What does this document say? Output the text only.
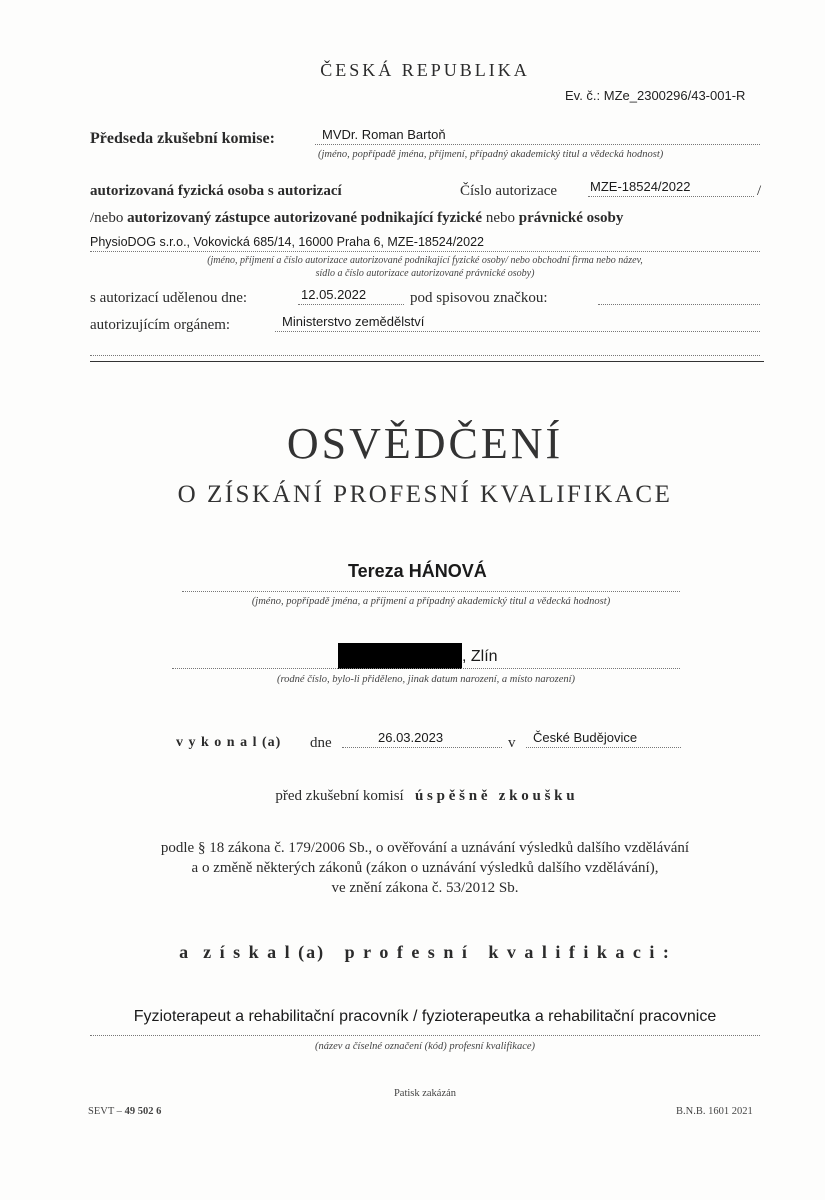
ČESKÁ REPUBLIKA
Ev. č.: MZe_2300296/43-001-R
Předseda zkušební komise:	MVDr. Roman Bartoň
(jméno, popřípadě jména, příjmení, případný akademický titul a vědecká hodnost)
autorizovaná fyzická osoba s autorizací	Číslo autorizace	MZE-18524/2022	/
/nebo autorizovaný zástupce autorizované podnikající fyzické nebo právnické osoby
PhysioDOG s.r.o., Vokovická 685/14, 16000 Praha 6, MZE-18524/2022
(jméno, příjmení a číslo autorizace autorizované podnikající fyzické osoby/ nebo obchodní firma nebo název,
sídlo a číslo autorizace autorizované právnické osoby)
s autorizací udělenou dne:	12.05.2022	pod spisovou značkou:
autorizujícím orgánem:	Ministerstvo zemědělství
OSVĚDČENÍ
O ZÍSKÁNÍ PROFESNÍ KVALIFIKACE
Tereza HÁNOVÁ
(jméno, popřípadě jména, a příjmení a případný akademický titul a vědecká hodnost)
, Zlín
(rodné číslo, bylo-li přiděleno, jinak datum narození, a místo narození)
v y k o n a l (a) dne	26.03.2023	v České Budějovice
před zkušební komisí ú s p ě š n ě   z k o u š k u
podle § 18 zákona č. 179/2006 Sb., o ověřování a uznávání výsledků dalšího vzdělávání
a o změně některých zákonů (zákon o uznávání výsledků dalšího vzdělávání),
ve znění zákona č. 53/2012 Sb.
a  z í s k a l (a)   p r o f e s n í   k v a l i f i k a c i :
Fyzioterapeut a rehabilitační pracovník / fyzioterapeutka a rehabilitační pracovnice
(název a číselné označení (kód) profesní kvalifikace)
Patisk zakázán
SEVT – 49 502 6	B.N.B. 1601 2021
